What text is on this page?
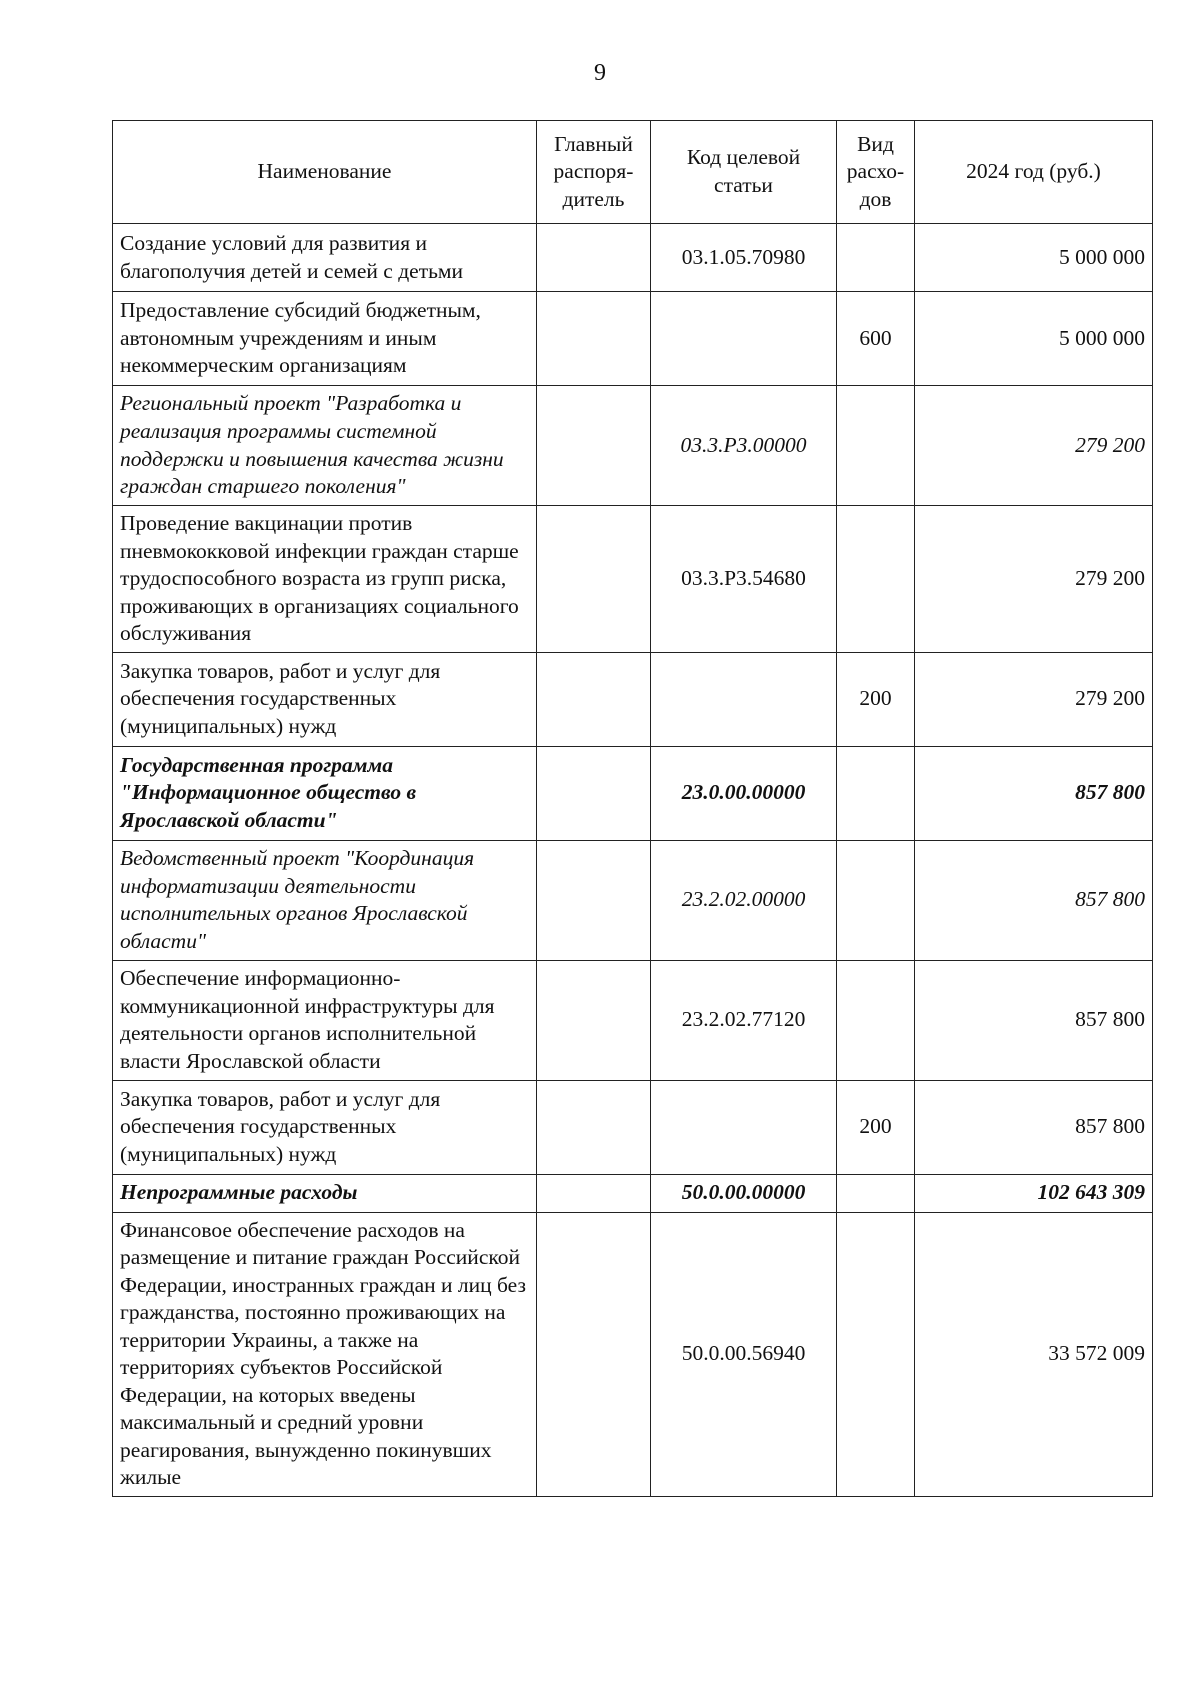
9
Наименование	Главный распоря-дитель	Код целевой статьи	Вид расхо-дов	2024 год (руб.)
Создание условий для развития и благополучия детей и семей с детьми		03.1.05.70980		5 000 000
Предоставление субсидий бюджетным, автономным учреждениям и иным некоммерческим организациям			600	5 000 000
Региональный проект "Разработка и реализация программы системной поддержки и повышения качества жизни граждан старшего поколения"		03.3.P3.00000		279 200
Проведение вакцинации против пневмококковой инфекции граждан старше трудоспособного возраста из групп риска, проживающих в организациях социального обслуживания		03.3.P3.54680		279 200
Закупка товаров, работ и услуг для обеспечения государственных (муниципальных) нужд			200	279 200
Государственная программа "Информационное общество в Ярославской области"		23.0.00.00000		857 800
Ведомственный проект "Координация информатизации деятельности исполнительных органов Ярославской области"		23.2.02.00000		857 800
Обеспечение информационно-коммуникационной инфраструктуры для деятельности органов исполнительной власти Ярославской области		23.2.02.77120		857 800
Закупка товаров, работ и услуг для обеспечения государственных (муниципальных) нужд			200	857 800
Непрограммные расходы		50.0.00.00000		102 643 309
Финансовое обеспечение расходов на размещение и питание граждан Российской Федерации, иностранных граждан и лиц без гражданства, постоянно проживающих на территории Украины, а также на территориях субъектов Российской Федерации, на которых введены максимальный и средний уровни реагирования, вынужденно покинувших жилые		50.0.00.56940		33 572 009
